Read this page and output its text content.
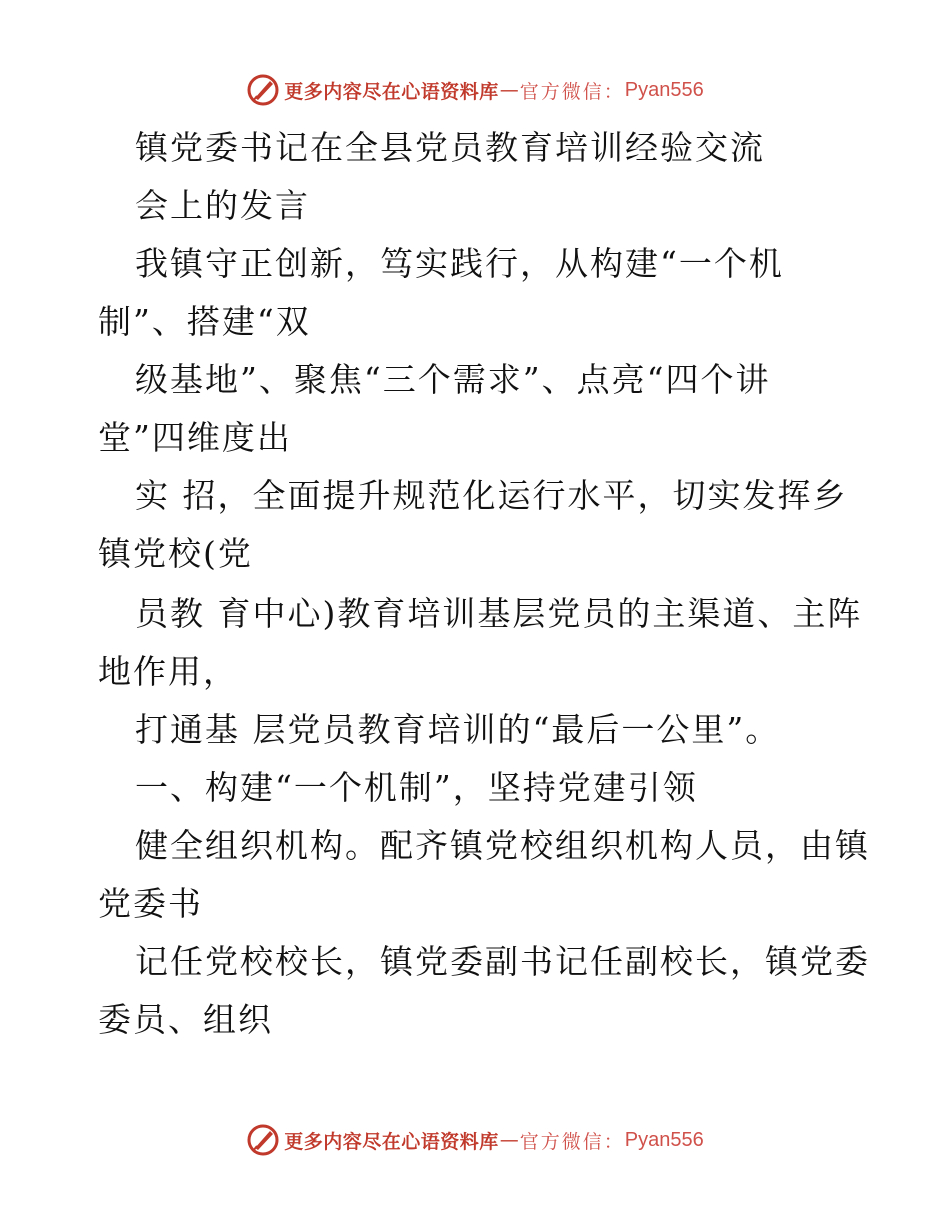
更多内容尽在心语资料库 — 官方微信： Pyan556
镇党委书记在全县党员教育培训经验交流
会上的发言
我镇守正创新，笃实践行，从构建“一个机
制”、搭建“双
级基地”、聚焦“三个需求”、点亮“四个讲
堂”四维度出
实 招，全面提升规范化运行水平，切实发挥乡
镇党校(党
员教 育中心)教育培训基层党员的主渠道、主阵
地作用，
打通基 层党员教育培训的“最后一公里”。
一、构建“一个机制”，坚持党建引领
健全组织机构。配齐镇党校组织机构人员，由镇
党委书
记任党校校长，镇党委副书记任副校长，镇党委
委员、组织
更多内容尽在心语资料库 — 官方微信： Pyan556
